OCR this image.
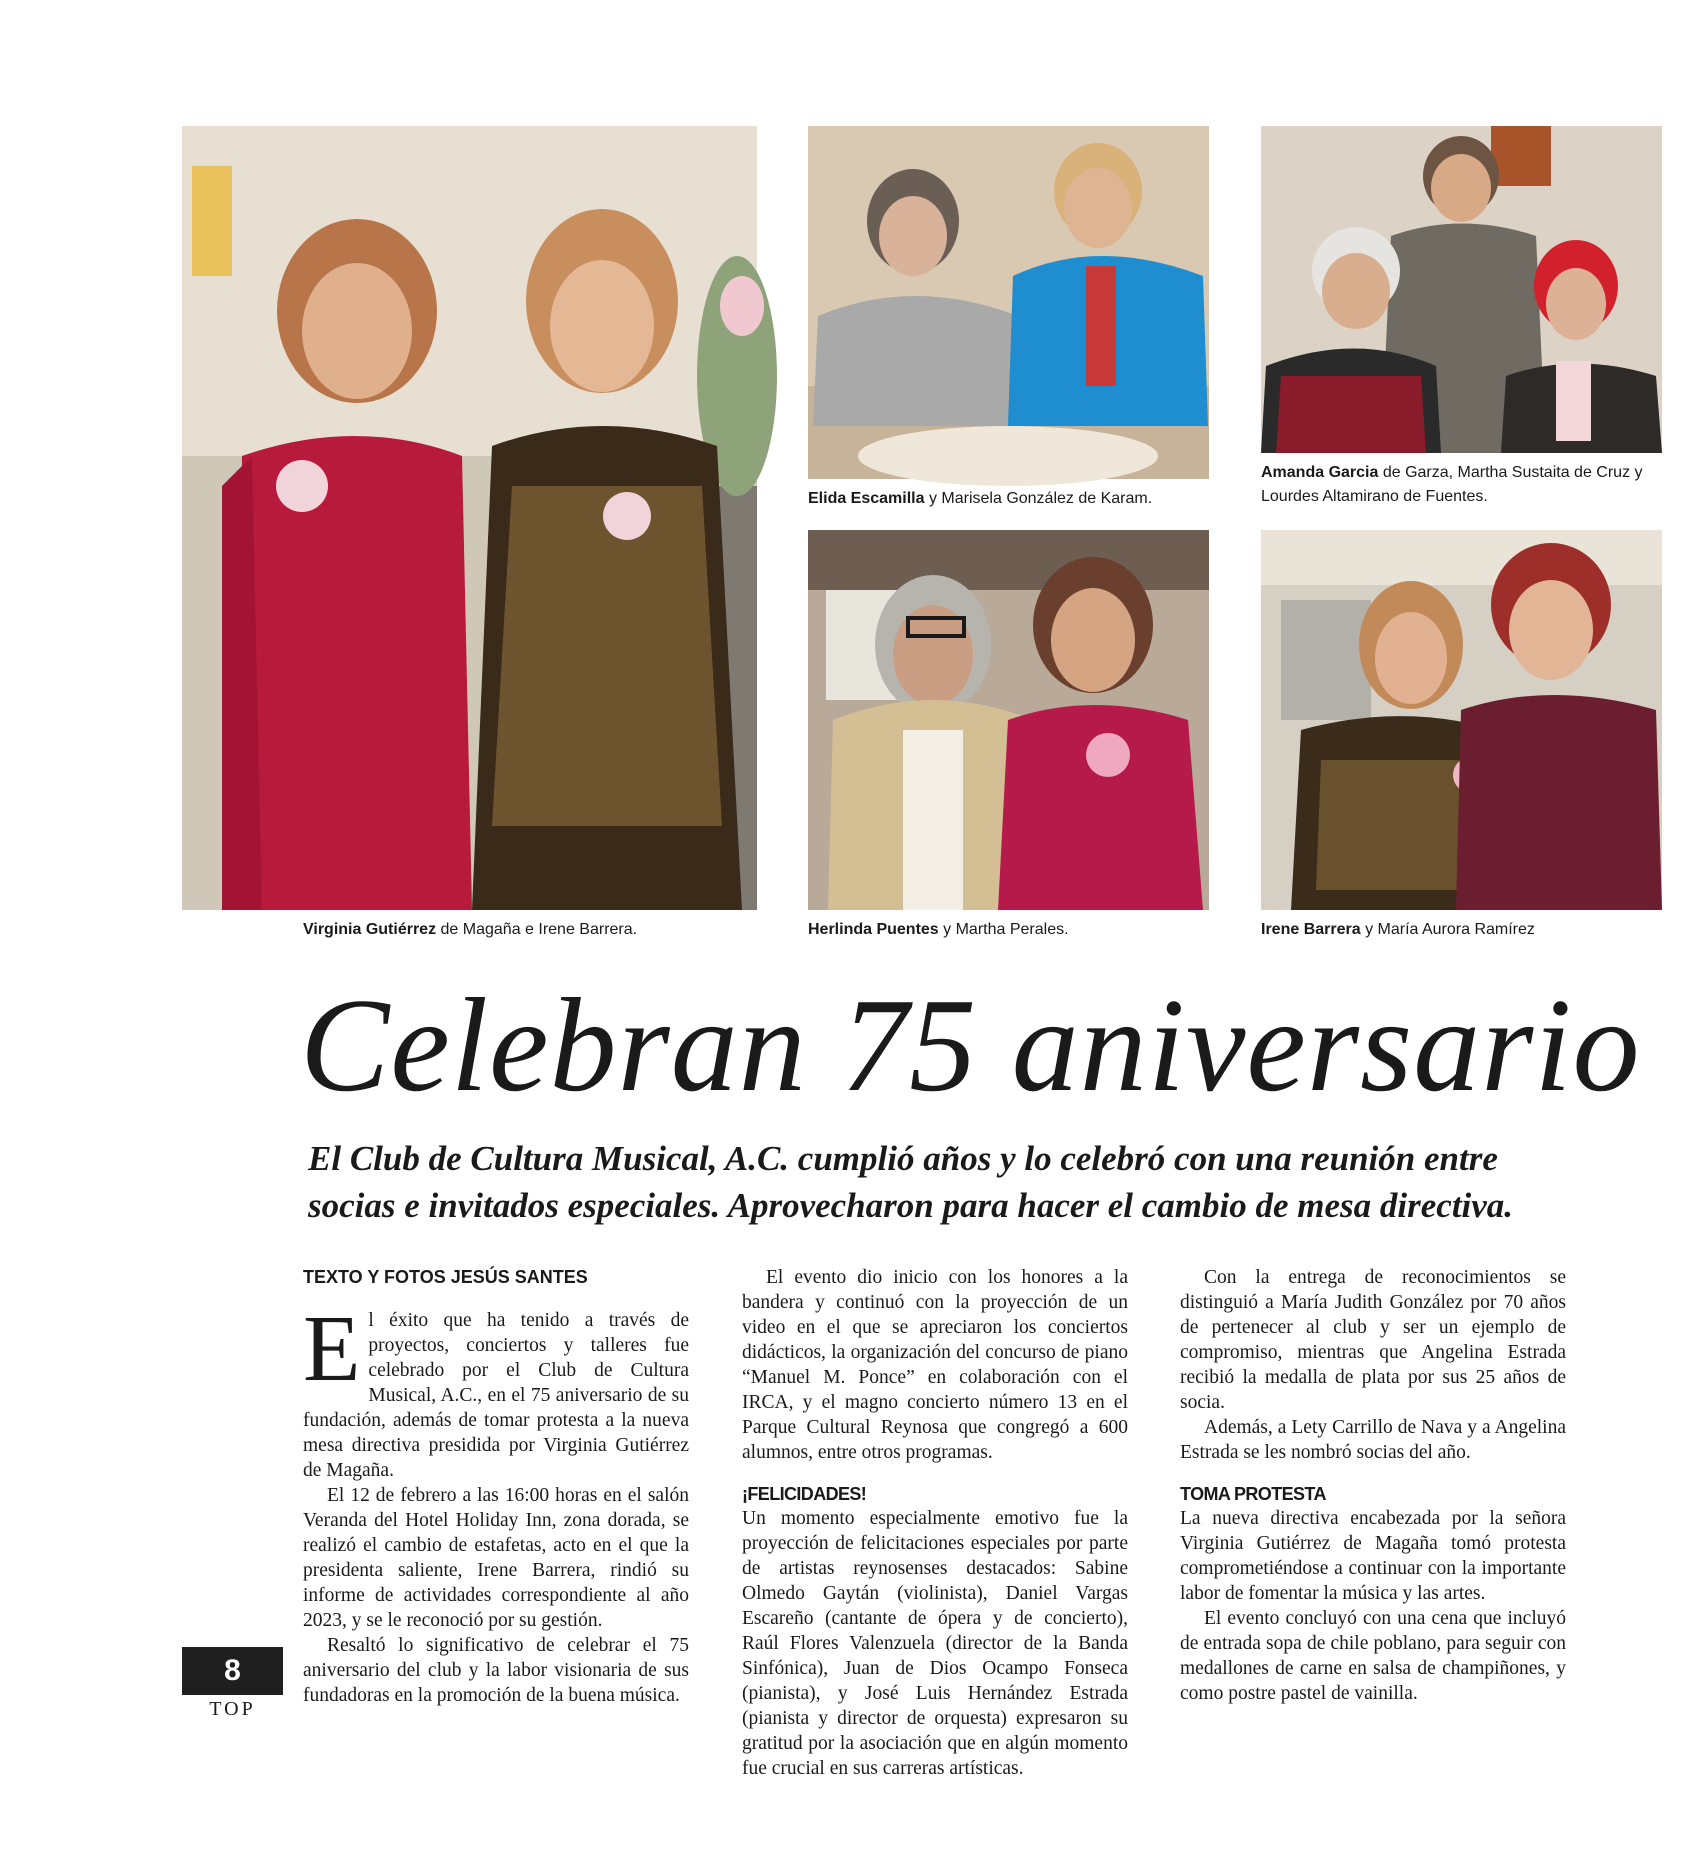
Virginia Gutiérrez de Magaña e Irene Barrera.
Elida Escamilla y Marisela González de Karam.
Amanda Garcia de Garza, Martha Sustaita de Cruz y Lourdes Altamirano de Fuentes.
Herlinda Puentes y Martha Perales.	Irene Barrera y María Aurora Ramírez
Celebran 75 aniversario
El Club de Cultura Musical, A.C. cumplió años y lo celebró con una reunión entre socias e invitados especiales. Aprovecharon para hacer el cambio de mesa directiva.
TEXTO Y FOTOS JESÚS SANTES

El éxito que ha tenido a través de proyectos, conciertos y talleres fue celebrado por el Club de Cultura Musical, A.C., en el 75 aniversario de su fundación, además de tomar protesta a la nueva mesa directiva presidida por Virginia Gutiérrez de Magaña.

El 12 de febrero a las 16:00 horas en el salón Veranda del Hotel Holiday Inn, zona dorada, se realizó el cambio de estafetas, acto en el que la presidenta saliente, Irene Barrera, rindió su informe de actividades correspondiente al año 2023, y se le reconoció por su gestión.

Resaltó lo significativo de celebrar el 75 aniversario del club y la labor visionaria de sus fundadoras en la promoción de la buena música.

El evento dio inicio con los honores a la bandera y continuó con la proyección de un video en el que se apreciaron los conciertos didácticos, la organización del concurso de piano “Manuel M. Ponce” en colaboración con el IRCA, y el magno concierto número 13 en el Parque Cultural Reynosa que congregó a 600 alumnos, entre otros programas.

¡FELICIDADES!

Un momento especialmente emotivo fue la proyección de felicitaciones especiales por parte de artistas reynosenses destacados: Sabine Olmedo Gaytán (violinista), Daniel Vargas Escareño (cantante de ópera y de concierto), Raúl Flores Valenzuela (director de la Banda Sinfónica), Juan de Dios Ocampo Fonseca (pianista), y José Luis Hernández Estrada (pianista y director de orquesta) expresaron su gratitud por la asociación que en algún momento fue crucial en sus carreras artísticas.

Con la entrega de reconocimientos se distinguió a María Judith González por 70 años de pertenecer al club y ser un ejemplo de compromiso, mientras que Angelina Estrada recibió la medalla de plata por sus 25 años de socia.

Además, a Lety Carrillo de Nava y a Angelina Estrada se les nombró socias del año.

TOMA PROTESTA

La nueva directiva encabezada por la señora Virginia Gutiérrez de Magaña tomó protesta comprometiéndose a continuar con la importante labor de fomentar la música y las artes.

El evento concluyó con una cena que incluyó de entrada sopa de chile poblano, para seguir con medallones de carne en salsa de champiñones, y como postre pastel de vainilla.

8
TOP
